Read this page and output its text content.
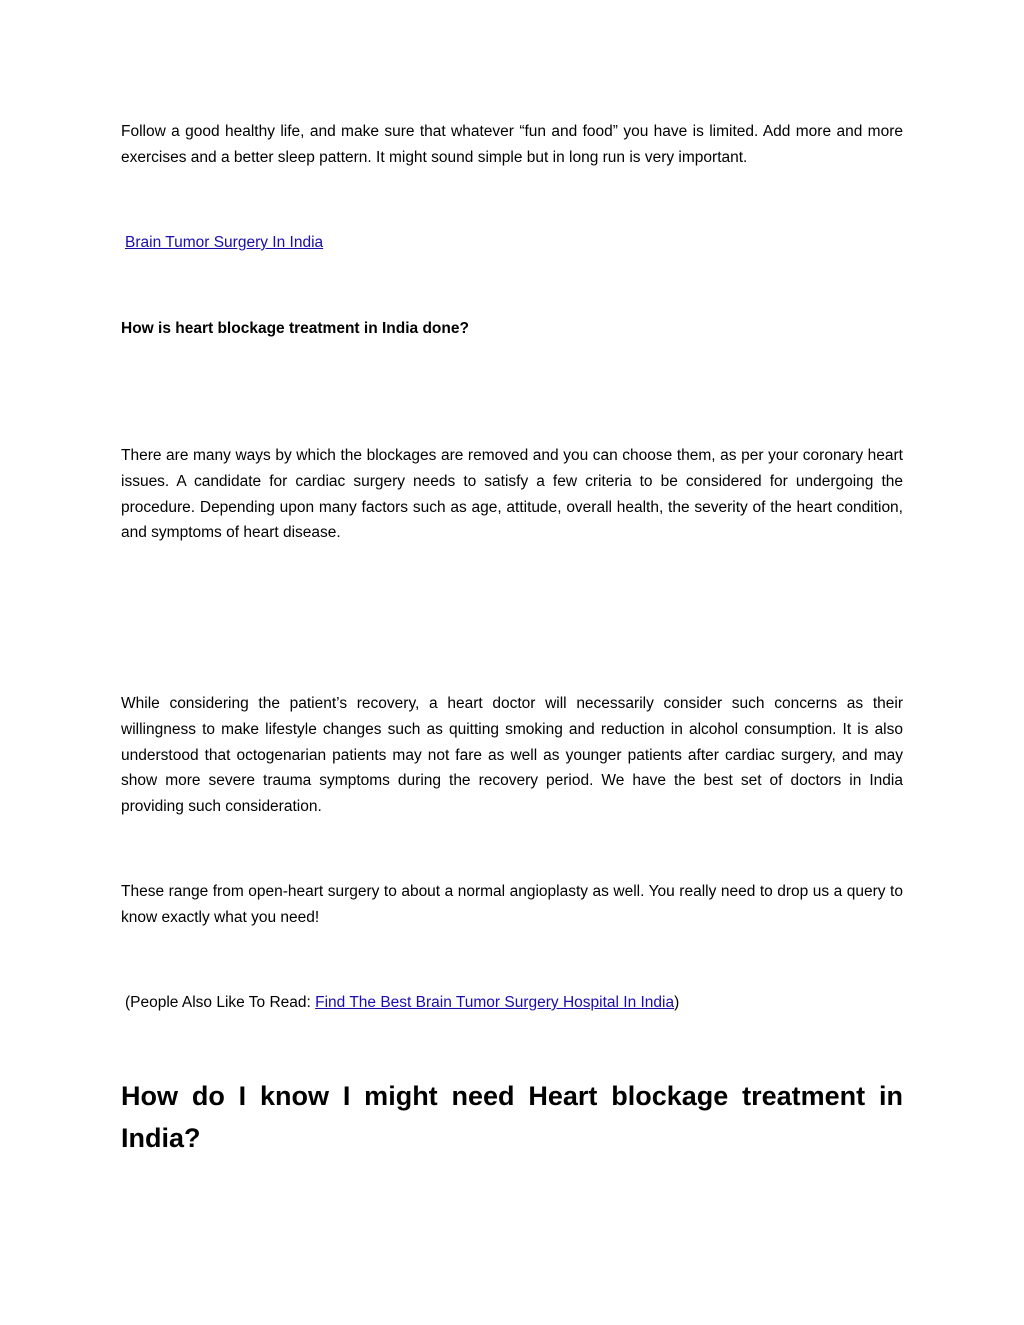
Follow a good healthy life, and make sure that whatever “fun and food” you have is limited. Add more and more exercises and a better sleep pattern. It might sound simple but in long run is very important.

Brain Tumor Surgery In India

How is heart blockage treatment in India done?

There are many ways by which the blockages are removed and you can choose them, as per your coronary heart issues. A candidate for cardiac surgery needs to satisfy a few criteria to be considered for undergoing the procedure. Depending upon many factors such as age, attitude, overall health, the severity of the heart condition, and symptoms of heart disease.

While considering the patient’s recovery, a heart doctor will necessarily consider such concerns as their willingness to make lifestyle changes such as quitting smoking and reduction in alcohol consumption. It is also understood that octogenarian patients may not fare as well as younger patients after cardiac surgery, and may show more severe trauma symptoms during the recovery period. We have the best set of doctors in India providing such consideration.

These range from open-heart surgery to about a normal angioplasty as well. You really need to drop us a query to know exactly what you need!

(People Also Like To Read: Find The Best Brain Tumor Surgery Hospital In India)

How do I know I might need Heart blockage treatment in India?
